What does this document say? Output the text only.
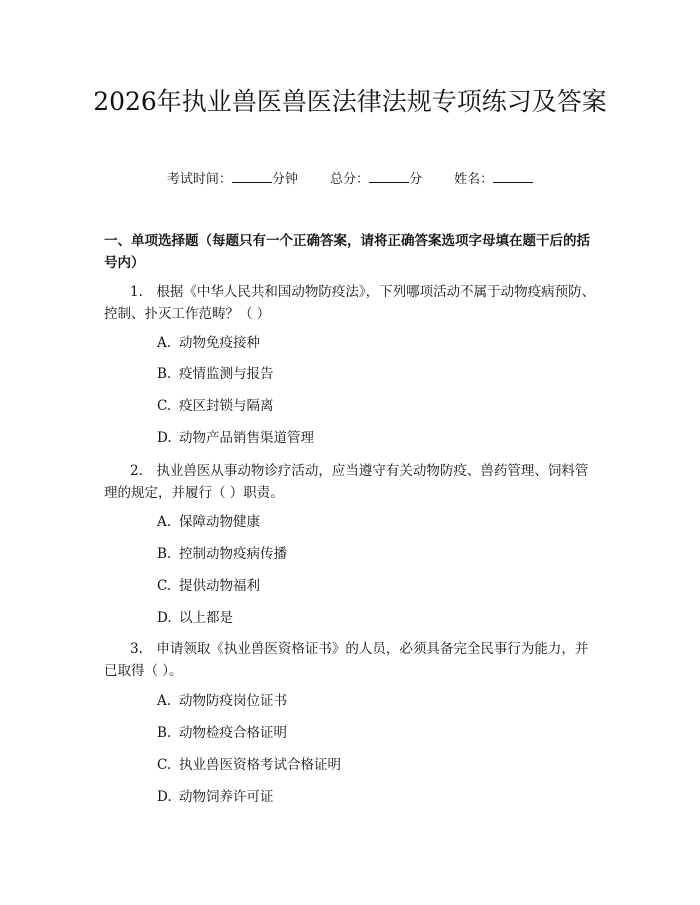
2026年执业兽医兽医法律法规专项练习及答案
考试时间：	分钟 总分：	分 姓名：
一、单项选择题（每题只有一个正确答案，请将正确答案选项字母填在题干后的括号内）
1.　根据《中华人民共和国动物防疫法》，下列哪项活动不属于动物疫病预防、控制、扑灭工作范畴？（ ）
A. 动物免疫接种
B. 疫情监测与报告
C. 疫区封锁与隔离
D. 动物产品销售渠道管理
2.　执业兽医从事动物诊疗活动，应当遵守有关动物防疫、兽药管理、饲料管理的规定，并履行（ ）职责。
A. 保障动物健康
B. 控制动物疫病传播
C. 提供动物福利
D. 以上都是
3.　申请领取《执业兽医资格证书》的人员，必须具备完全民事行为能力，并已取得（ ）。
A. 动物防疫岗位证书
B. 动物检疫合格证明
C. 执业兽医资格考试合格证明
D. 动物饲养许可证
